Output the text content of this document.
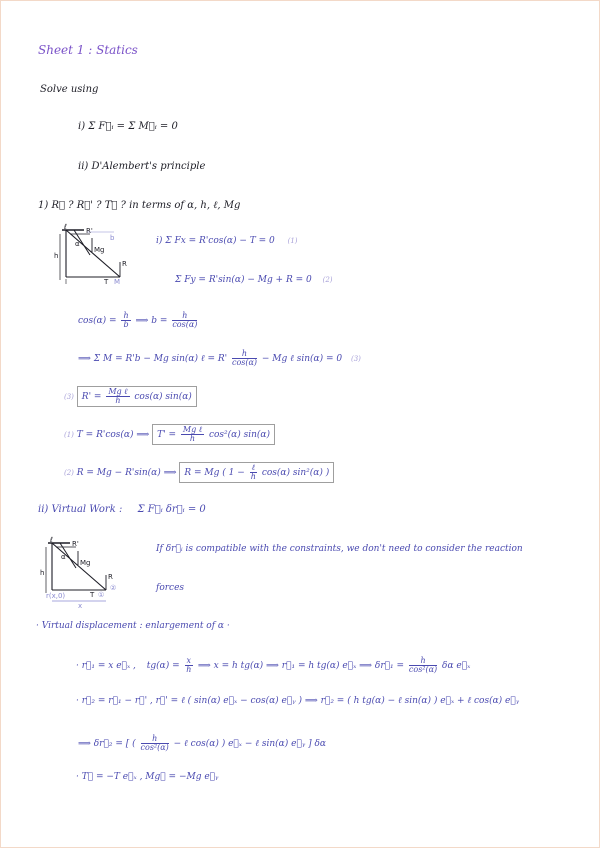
Sheet 1 : Statics
Solve using
i) Σ F⃗ᵢ = Σ M⃗ᵢ = 0
ii) D'Alembert's principle
1) R⃗ ? R⃗' ? T⃗ ? in terms of α, h, ℓ, Mg
ℓ
b
h
R'
α
Mg
R
T M
i) Σ Fx = R'cos(α) − T = 0 (1)
Σ Fy = R'sin(α) − Mg + R = 0 (2)
$\cos(\alpha) = \frac{h}{b}$ ⟹ $b = \frac{h}{\cos(\alpha)}$
⟹ Σ M = R'b − Mg sin(α) ℓ = $R' \frac{h}{\cos(\alpha)} - Mg$ ℓ sin(α) = 0 (3)
(3) $R' = \frac{\text{Mg ℓ}}{h} \cos(\alpha)$ sin(α)
(1) T = R'cos(α) ⟹ $T' = \frac{\text{Mg ℓ}}{h} \cos^2(\alpha)$ sin(α)
(2) R = Mg − R'sin(α) ⟹ R = Mg ( $1 - \frac{\text{ℓ}}{h} \cos(\alpha)$ sin²(α) )
ii) Virtual Work : Σ F⃗ᵢ δr⃗ᵢ = 0
ℓ	R'
h
α
Mg
R
T
r(x,0)
x
①
②
If δr⃗ᵢ is compatible with the constraints, we don't need to consider the reaction
forces
· Virtual displacement : enlargement of α ·
· r⃗₁ = x e⃗ₓ , $tg(\alpha) = \frac{x}{h}$ ⟹ x = h tg(α) ⟹ r⃗₁ = h tg(α) e⃗ₓ ⟹ δr⃗₁ = $\frac{h}{\text{cos²(α)}}$ δα e⃗ₓ
· r⃗₂ = r⃗₁ − r⃗' , r⃗' = ℓ ( sin(α) e⃗ₓ − cos(α) e⃗ᵧ ) ⟹ r⃗₂ = ( h tg(α) − ℓ sin(α) ) e⃗ₓ + ℓ cos(α) e⃗ᵧ
⟹ δr⃗₂ = [ ( $\frac{h}{\text{cos²(α)}}$ − ℓ cos(α) ) e⃗ₓ − ℓ sin(α) e⃗ᵧ ] δα
· T⃗ = −T e⃗ₓ , Mg⃗ = −Mg e⃗ᵧ
